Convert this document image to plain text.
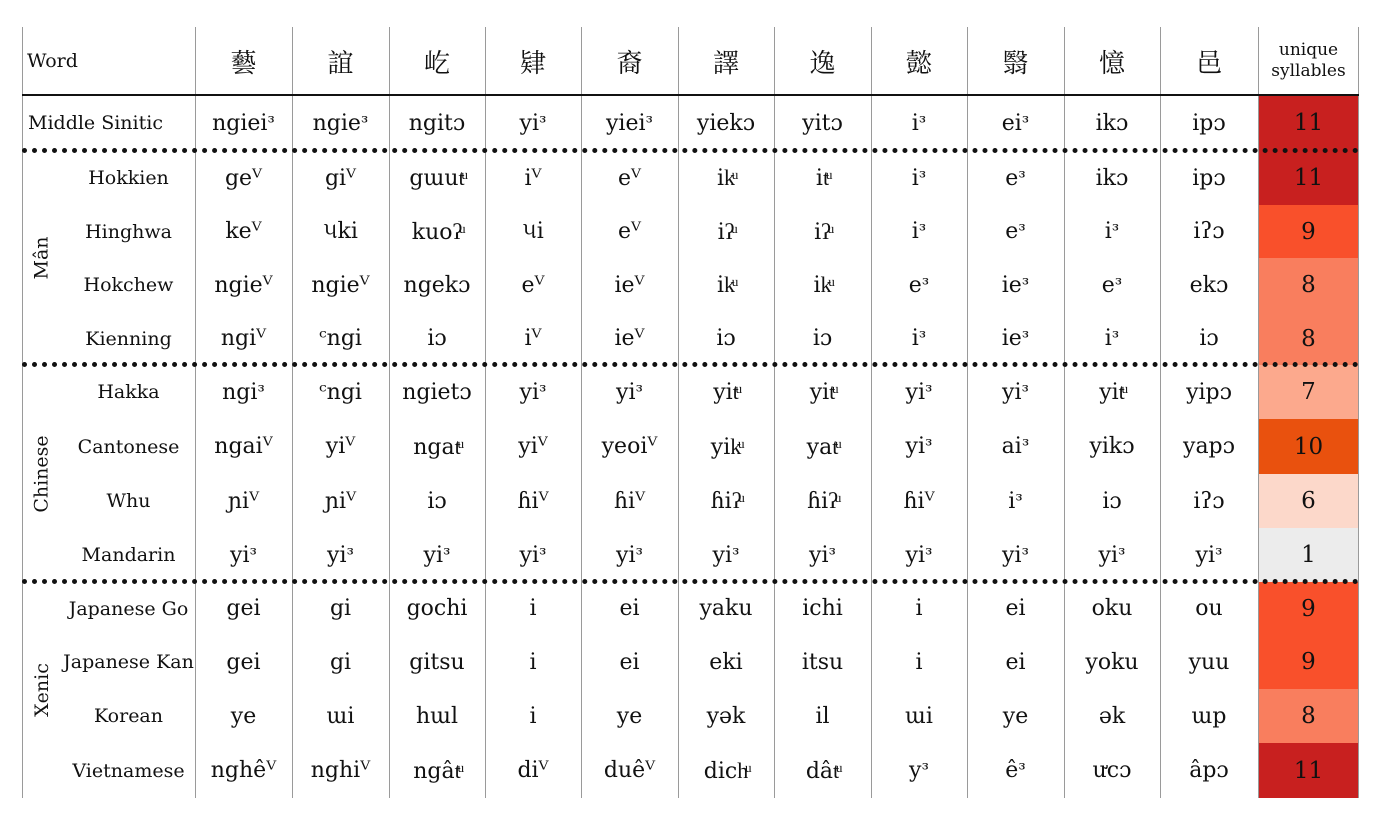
Word	藝	誼	屹	肄	裔	譯	逸	懿	翳	憶	邑	unique
syllables
Mân
Chinese
Xenic
Middle Sinitic	ngieiᶟ	ngieᶟ	ngitɔ	yiᶟ	yieiᶟ	yiekɔ	yitɔ	iᶟ	eiᶟ	ikɔ	ipɔ	11
Hokkien	geⱽ	giⱽ	gɯutͧ	iⱽ	eⱽ	ikͧ	itͧ	iᶟ	eᶟ	ikɔ	ipɔ	11
Hinghwa	keⱽ	૫ki	kuoʔͧ	૫i	eⱽ	iʔͧ	iʔͧ	iᶟ	eᶟ	iᶟ	iʔɔ	9
Hokchew	ngieⱽ	ngieⱽ	ngekɔ	eⱽ	ieⱽ	ikͧ	ikͧ	eᶟ	ieᶟ	eᶟ	ekɔ	8
Kienning	ngiⱽ	ᶜngi	iɔ	iⱽ	ieⱽ	iɔ	iɔ	iᶟ	ieᶟ	iᶟ	iɔ	8
Hakka	ngiᶟ	ᶜngi	ngietɔ	yiᶟ	yiᶟ	yitͧ	yitͧ	yiᶟ	yiᶟ	yitͧ	yipɔ	7
Cantonese	ngaiⱽ	yiⱽ	ngatͧ	yiⱽ	yeoiⱽ	yikͧ	yatͧ	yiᶟ	aiᶟ	yikɔ	yapɔ	10
Whu	ɲiⱽ	ɲiⱽ	iɔ	ɦiⱽ	ɦiⱽ	ɦiʔͧ	ɦiʔͧ	ɦiⱽ	iᶟ	iɔ	iʔɔ	6
Mandarin	yiᶟ	yiᶟ	yiᶟ	yiᶟ	yiᶟ	yiᶟ	yiᶟ	yiᶟ	yiᶟ	yiᶟ	yiᶟ	1
Japanese Go	gei	gi	gochi	i	ei	yaku	ichi	i	ei	oku	ou	9
Japanese Kan	gei	gi	gitsu	i	ei	eki	itsu	i	ei	yoku	yuu	9
Korean	ye	ɯi	hɯl	i	ye	yək	il	ɯi	ye	ək	ɯp	8
Vietnamese	nghêⱽ	nghiⱽ	ngâtͧ	diⱽ	duêⱽ	dichͧ	dâtͧ	yᶟ	êᶟ	ưcɔ	âpɔ	11
